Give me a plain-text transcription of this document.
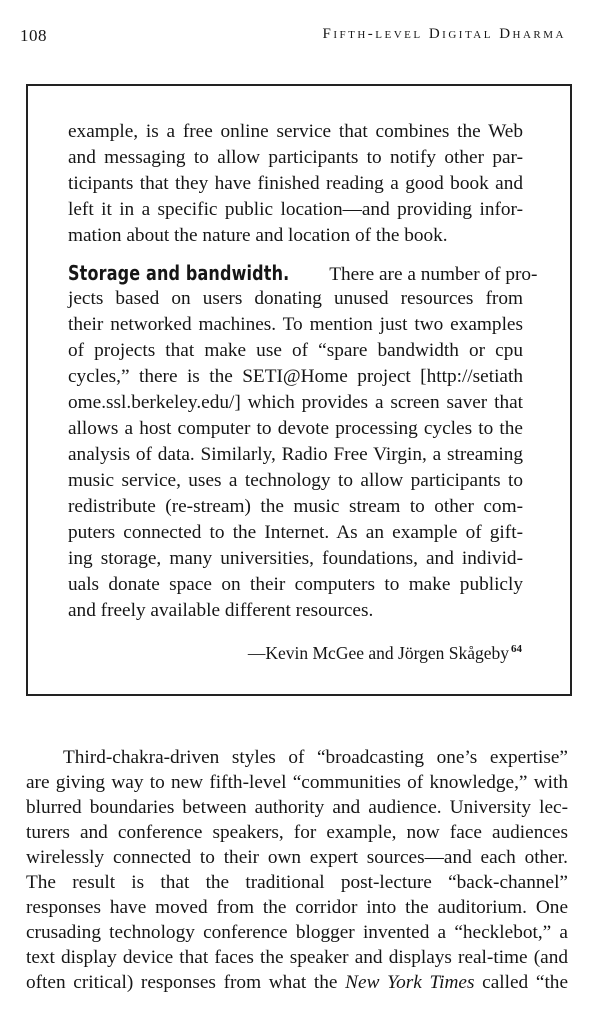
108	Fifth-level Digital Dharma
example, is a free online service that combines the Web
and messaging to allow participants to notify other par-
ticipants that they have finished reading a good book and
left it in a specific public location—and providing infor-
mation about the nature and location of the book.
Storage and bandwidth. There are a number of pro-
jects based on users donating unused resources from
their networked machines. To mention just two examples
of projects that make use of “spare bandwidth or cpu
cycles,” there is the SETI@Home project [http://setiath
ome.ssl.berkeley.edu/] which provides a screen saver that
allows a host computer to devote processing cycles to the
analysis of data. Similarly, Radio Free Virgin, a streaming
music service, uses a technology to allow participants to
redistribute (re-stream) the music stream to other com-
puters connected to the Internet. As an example of gift-
ing storage, many universities, foundations, and individ-
uals donate space on their computers to make publicly
and freely available different resources.
—Kevin McGee and Jörgen Skågeby $^{64}$
Third-chakra-driven styles of “broadcasting one’s expertise”
are giving way to new fifth-level “communities of knowledge,” with
blurred boundaries between authority and audience. University lec-
turers and conference speakers, for example, now face audiences
wirelessly connected to their own expert sources—and each other.
The result is that the traditional post-lecture “back-channel”
responses have moved from the corridor into the auditorium. One
crusading technology conference blogger invented a “hecklebot,” a
text display device that faces the speaker and displays real-time (and
often critical) responses from what the New York Times called “the
